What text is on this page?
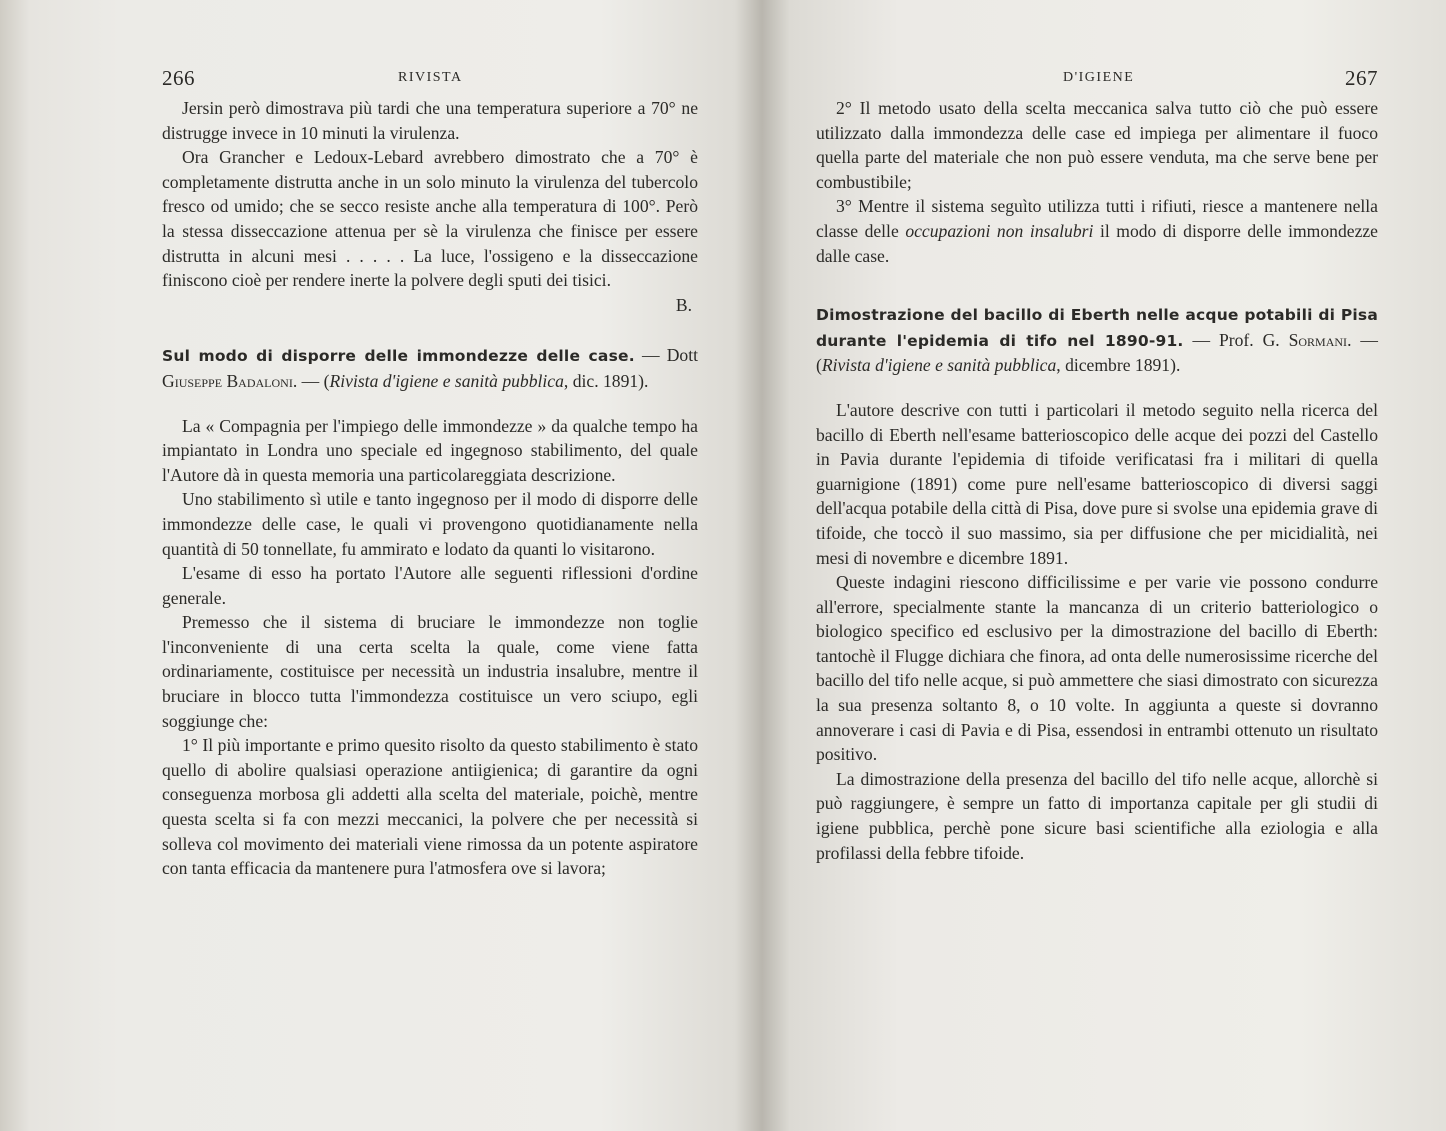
266	RIVISTA

Jersin però dimostrava più tardi che una temperatura superiore a 70° ne distrugge invece in 10 minuti la virulenza.

Ora Grancher e Ledoux-Lebard avrebbero dimostrato che a 70° è completamente distrutta anche in un solo minuto la virulenza del tubercolo fresco od umido; che se secco resiste anche alla temperatura di 100°. Però la stessa disseccazione attenua per sè la virulenza che finisce per essere distrutta in alcuni mesi . . . . . La luce, l'ossigeno e la disseccazione finiscono cioè per rendere inerte la polvere degli sputi dei tisici.

B.

Sul modo di disporre delle immondezze delle case. — Dott Giuseppe Badaloni. — (Rivista d'igiene e sanità pubblica, dic. 1891).

La « Compagnia per l'impiego delle immondezze » da qualche tempo ha impiantato in Londra uno speciale ed ingegnoso stabilimento, del quale l'Autore dà in questa memoria una particolareggiata descrizione.

Uno stabilimento sì utile e tanto ingegnoso per il modo di disporre delle immondezze delle case, le quali vi provengono quotidianamente nella quantità di 50 tonnellate, fu ammirato e lodato da quanti lo visitarono.

L'esame di esso ha portato l'Autore alle seguenti riflessioni d'ordine generale.

Premesso che il sistema di bruciare le immondezze non toglie l'inconveniente di una certa scelta la quale, come viene fatta ordinariamente, costituisce per necessità un industria insalubre, mentre il bruciare in blocco tutta l'immondezza costituisce un vero sciupo, egli soggiunge che:

1° Il più importante e primo quesito risolto da questo stabilimento è stato quello di abolire qualsiasi operazione antiigienica; di garantire da ogni conseguenza morbosa gli addetti alla scelta del materiale, poichè, mentre questa scelta si fa con mezzi meccanici, la polvere che per necessità si solleva col movimento dei materiali viene rimossa da un potente aspiratore con tanta efficacia da mantenere pura l'atmosfera ove si lavora;

D'IGIENE	267

2° Il metodo usato della scelta meccanica salva tutto ciò che può essere utilizzato dalla immondezza delle case ed impiega per alimentare il fuoco quella parte del materiale che non può essere venduta, ma che serve bene per combustibile;

3° Mentre il sistema seguìto utilizza tutti i rifiuti, riesce a mantenere nella classe delle occupazioni non insalubri il modo di disporre delle immondezze dalle case.

Dimostrazione del bacillo di Eberth nelle acque potabili di Pisa durante l'epidemia di tifo nel 1890-91. — Prof. G. Sormani. — (Rivista d'igiene e sanità pubblica, dicembre 1891).

L'autore descrive con tutti i particolari il metodo seguito nella ricerca del bacillo di Eberth nell'esame batterioscopico delle acque dei pozzi del Castello in Pavia durante l'epidemia di tifoide verificatasi fra i militari di quella guarnigione (1891) come pure nell'esame batterioscopico di diversi saggi dell'acqua potabile della città di Pisa, dove pure si svolse una epidemia grave di tifoide, che toccò il suo massimo, sia per diffusione che per micidialità, nei mesi di novembre e dicembre 1891.

Queste indagini riescono difficilissime e per varie vie possono condurre all'errore, specialmente stante la mancanza di un criterio batteriologico o biologico specifico ed esclusivo per la dimostrazione del bacillo di Eberth: tantochè il Flugge dichiara che finora, ad onta delle numerosissime ricerche del bacillo del tifo nelle acque, si può ammettere che siasi dimostrato con sicurezza la sua presenza soltanto 8, o 10 volte. In aggiunta a queste si dovranno annoverare i casi di Pavia e di Pisa, essendosi in entrambi ottenuto un risultato positivo.

La dimostrazione della presenza del bacillo del tifo nelle acque, allorchè si può raggiungere, è sempre un fatto di importanza capitale per gli studii di igiene pubblica, perchè pone sicure basi scientifiche alla eziologia e alla profilassi della febbre tifoide.
